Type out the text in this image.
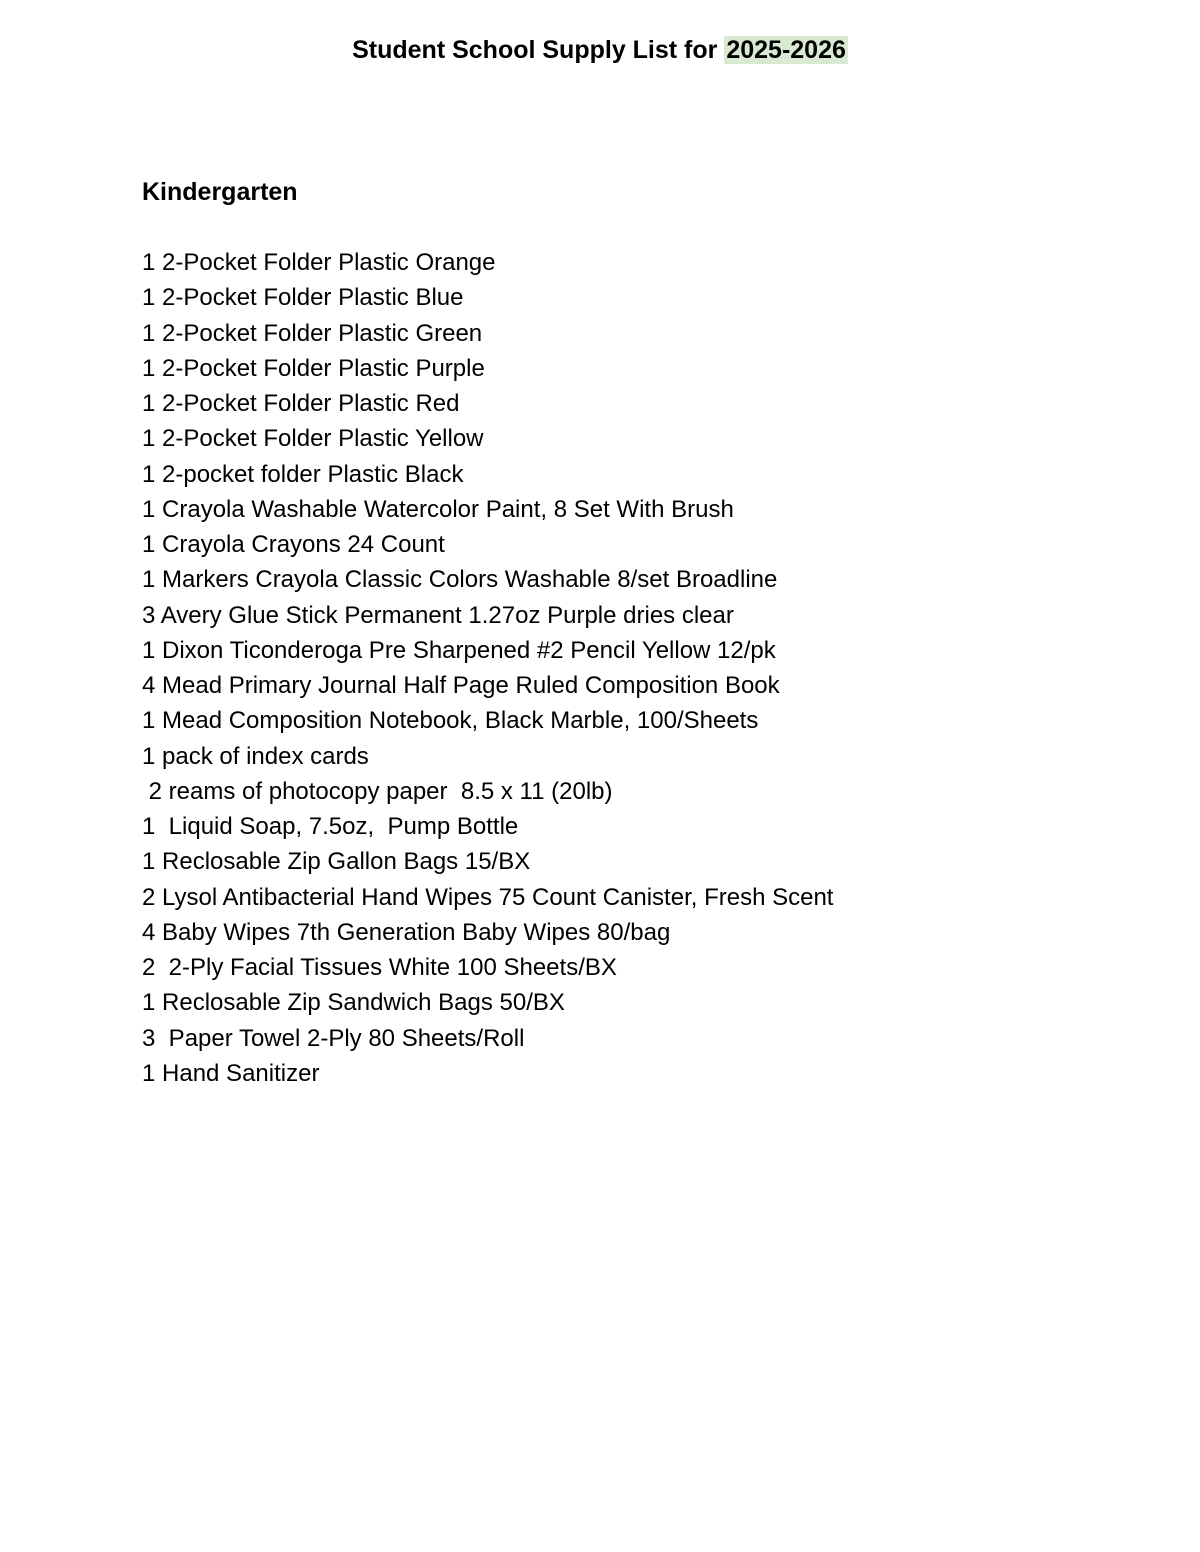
Student School Supply List for 2025-2026
Kindergarten
1 2-Pocket Folder Plastic Orange
1 2-Pocket Folder Plastic Blue
1 2-Pocket Folder Plastic Green
1 2-Pocket Folder Plastic Purple
1 2-Pocket Folder Plastic Red
1 2-Pocket Folder Plastic Yellow
1 2-pocket folder Plastic Black
1 Crayola Washable Watercolor Paint, 8 Set With Brush
1 Crayola Crayons 24 Count
1 Markers Crayola Classic Colors Washable 8/set Broadline
3 Avery Glue Stick Permanent 1.27oz Purple dries clear
1 Dixon Ticonderoga Pre Sharpened #2 Pencil Yellow 12/pk
4 Mead Primary Journal Half Page Ruled Composition Book
1 Mead Composition Notebook, Black Marble, 100/Sheets
1 pack of index cards
2 reams of photocopy paper  8.5 x 11 (20lb)
1  Liquid Soap, 7.5oz,  Pump Bottle
1 Reclosable Zip Gallon Bags 15/BX
2 Lysol Antibacterial Hand Wipes 75 Count Canister, Fresh Scent
4 Baby Wipes 7th Generation Baby Wipes 80/bag
2  2-Ply Facial Tissues White 100 Sheets/BX
1 Reclosable Zip Sandwich Bags 50/BX
3  Paper Towel 2-Ply 80 Sheets/Roll
1 Hand Sanitizer
